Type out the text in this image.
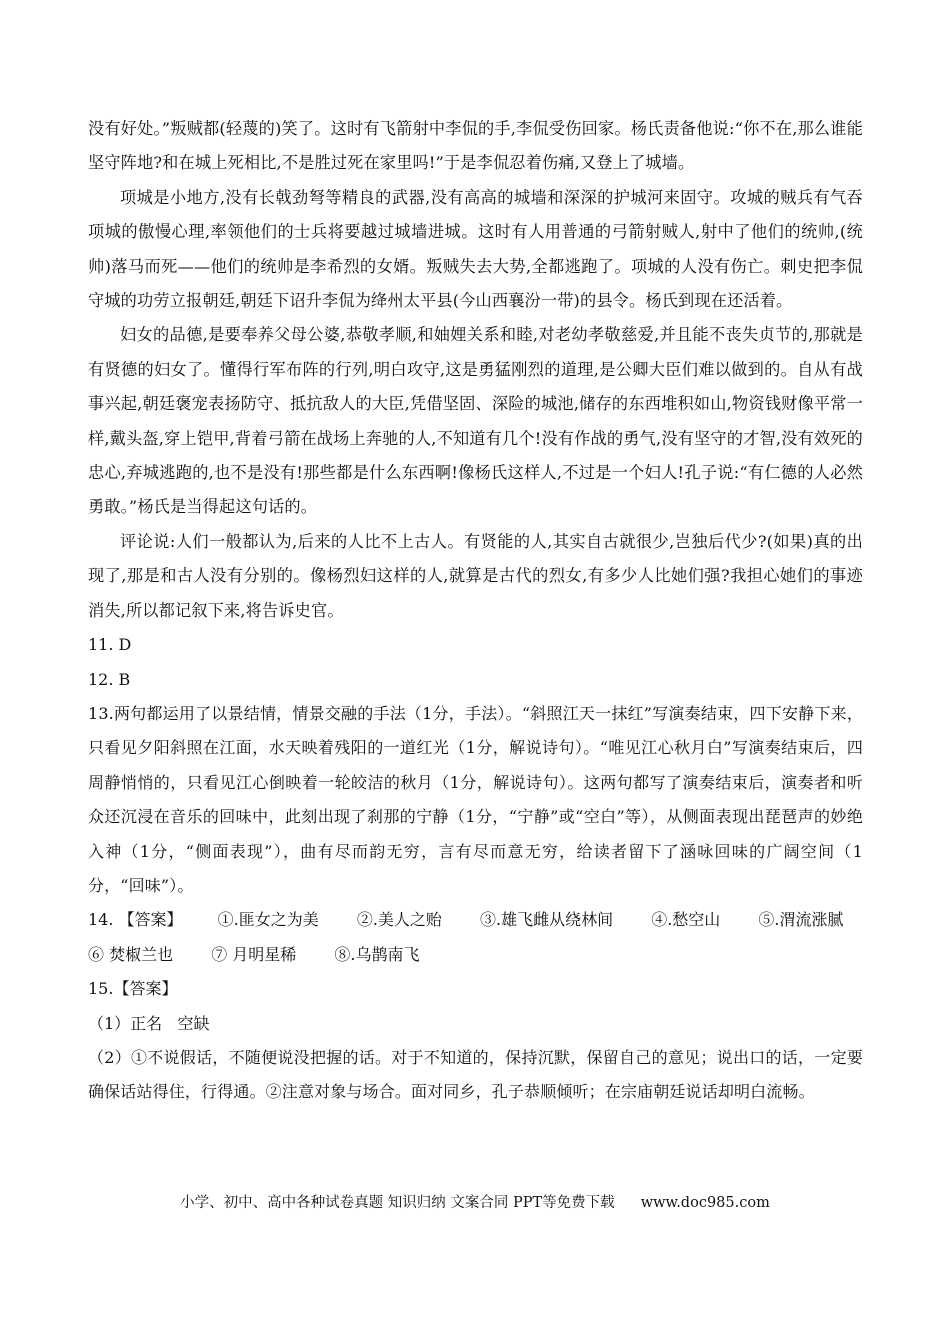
没有好处。”叛贼都(轻蔑的)笑了。这时有飞箭射中李侃的手,李侃受伤回家。杨氏责备他说:“你不在,那么谁能坚守阵地?和在城上死相比,不是胜过死在家里吗!”于是李侃忍着伤痛,又登上了城墙。

项城是小地方,没有长戟劲弩等精良的武器,没有高高的城墙和深深的护城河来固守。攻城的贼兵有气吞项城的傲慢心理,率领他们的士兵将要越过城墙进城。这时有人用普通的弓箭射贼人,射中了他们的统帅,(统帅)落马而死——他们的统帅是李希烈的女婿。叛贼失去大势,全都逃跑了。项城的人没有伤亡。刺史把李侃守城的功劳立报朝廷,朝廷下诏升李侃为绛州太平县(今山西襄汾一带)的县令。杨氏到现在还活着。

妇女的品德,是要奉养父母公婆,恭敬孝顺,和妯娌关系和睦,对老幼孝敬慈爱,并且能不丧失贞节的,那就是有贤德的妇女了。懂得行军布阵的行列,明白攻守,这是勇猛刚烈的道理,是公卿大臣们难以做到的。自从有战事兴起,朝廷褒宠表扬防守、抵抗敌人的大臣,凭借坚固、深险的城池,储存的东西堆积如山,物资钱财像平常一样,戴头盔,穿上铠甲,背着弓箭在战场上奔驰的人,不知道有几个!没有作战的勇气,没有坚守的才智,没有效死的忠心,弃城逃跑的,也不是没有!那些都是什么东西啊!像杨氏这样人,不过是一个妇人!孔子说:“有仁德的人必然勇敢。”杨氏是当得起这句话的。

评论说:人们一般都认为,后来的人比不上古人。有贤能的人,其实自古就很少,岂独后代少?(如果)真的出现了,那是和古人没有分别的。像杨烈妇这样的人,就算是古代的烈女,有多少人比她们强?我担心她们的事迹消失,所以都记叙下来,将告诉史官。

11. D

12. B

13.两句都运用了以景结情，情景交融的手法（1分，手法）。“斜照江天一抹红”写演奏结束，四下安静下来，只看见夕阳斜照在江面，水天映着残阳的一道红光（1分，解说诗句）。“唯见江心秋月白”写演奏结束后，四周静悄悄的，只看见江心倒映着一轮皎洁的秋月（1分，解说诗句）。这两句都写了演奏结束后，演奏者和听众还沉浸在音乐的回味中，此刻出现了刹那的宁静（1分，“宁静”或“空白”等），从侧面表现出琵琶声的妙绝入神（1分，“侧面表现”），曲有尽而韵无穷，言有尽而意无穷，给读者留下了涵咏回味的广阔空间（1分，“回味”）。

14. 【答案】 ①.匪女之为美 ②.美人之贻 ③.雄飞雌从绕林间 ④.愁空山 ⑤.渭流涨腻

⑥ 焚椒兰也 ⑦ 月明星稀 ⑧.乌鹊南飞

15.【答案】

（1）正名   空缺

（2）①不说假话，不随便说没把握的话。对于不知道的，保持沉默，保留自己的意见；说出口的话，一定要确保话站得住，行得通。②注意对象与场合。面对同乡，孔子恭顺倾听；在宗庙朝廷说话却明白流畅。

小学、初中、高中各种试卷真题 知识归纳 文案合同 PPT等免费下载 www.doc985.com
